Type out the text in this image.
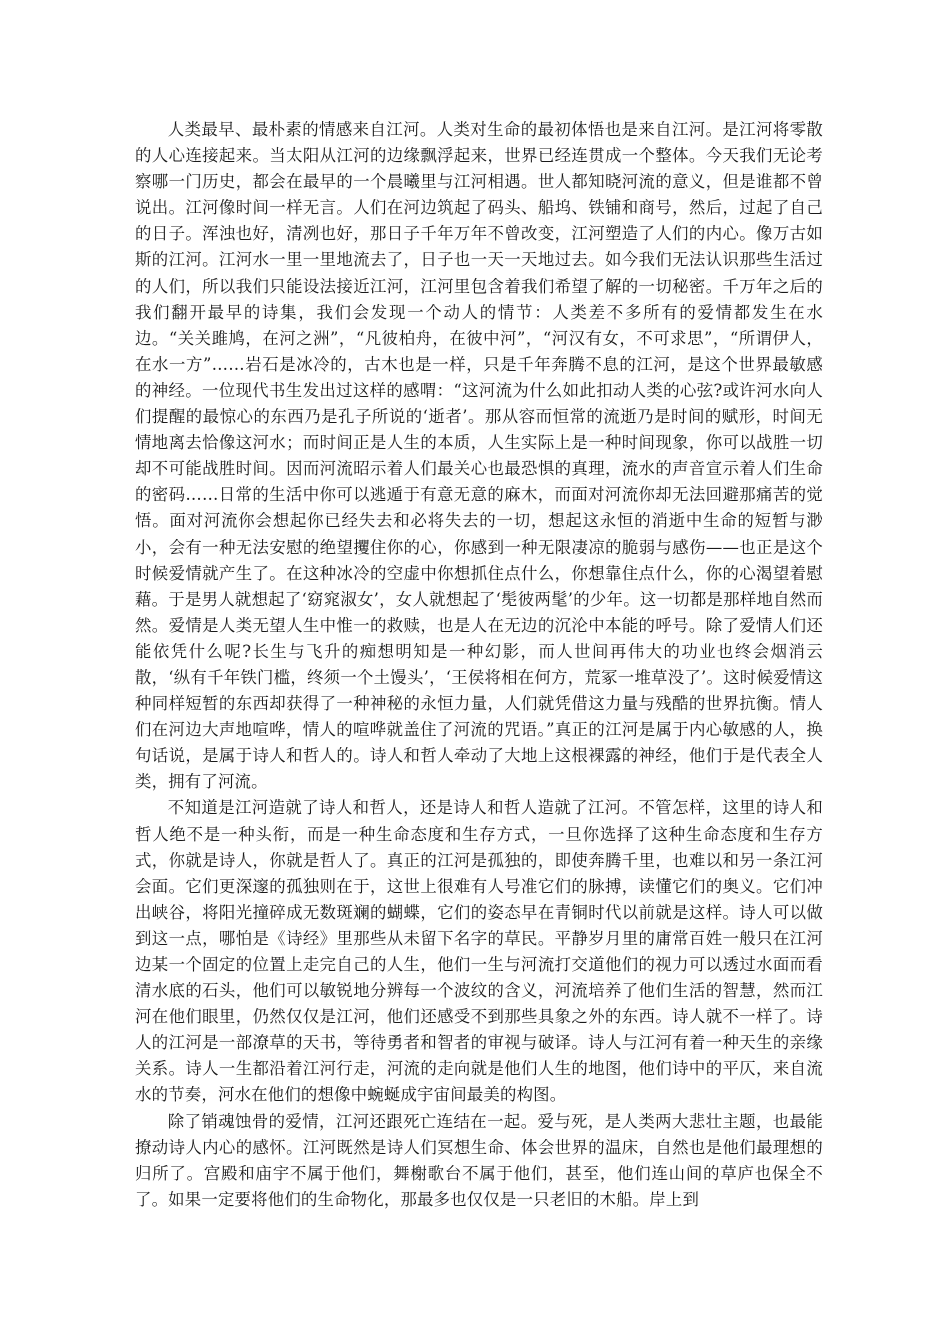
人类最早、最朴素的情感来自江河。人类对生命的最初体悟也是来自江河。是江河将零散的人心连接起来。当太阳从江河的边缘飘浮起来，世界已经连贯成一个整体。今天我们无论考察哪一门历史，都会在最早的一个晨曦里与江河相遇。世人都知晓河流的意义，但是谁都不曾说出。江河像时间一样无言。人们在河边筑起了码头、船坞、铁铺和商号，然后，过起了自己的日子。浑浊也好，清冽也好，那日子千年万年不曾改变，江河塑造了人们的内心。像万古如斯的江河。江河水一里一里地流去了，日子也一天一天地过去。如今我们无法认识那些生活过的人们，所以我们只能设法接近江河，江河里包含着我们希望了解的一切秘密。千万年之后的我们翻开最早的诗集，我们会发现一个动人的情节：人类差不多所有的爱情都发生在水边。“关关雎鸠，在河之洲”，“凡彼柏舟，在彼中河”，“河汉有女，不可求思”，“所谓伊人，在水一方”……岩石是冰冷的，古木也是一样，只是千年奔腾不息的江河，是这个世界最敏感的神经。一位现代书生发出过这样的感喟：“这河流为什么如此扣动人类的心弦?或许河水向人们提醒的最惊心的东西乃是孔子所说的‘逝者’。那从容而恒常的流逝乃是时间的赋形，时间无情地离去恰像这河水；而时间正是人生的本质，人生实际上是一种时间现象，你可以战胜一切却不可能战胜时间。因而河流昭示着人们最关心也最恐惧的真理，流水的声音宣示着人们生命的密码……日常的生活中你可以逃遁于有意无意的麻木，而面对河流你却无法回避那痛苦的觉悟。面对河流你会想起你已经失去和必将失去的一切，想起这永恒的消逝中生命的短暂与渺小，会有一种无法安慰的绝望攫住你的心，你感到一种无限凄凉的脆弱与感伤——也正是这个时候爱情就产生了。在这种冰冷的空虚中你想抓住点什么，你想靠住点什么，你的心渴望着慰藉。于是男人就想起了‘窈窕淑女’，女人就想起了‘髧彼两髦’的少年。这一切都是那样地自然而然。爱情是人类无望人生中惟一的救赎，也是人在无边的沉沦中本能的呼号。除了爱情人们还能依凭什么呢?长生与飞升的痴想明知是一种幻影，而人世间再伟大的功业也终会烟消云散，‘纵有千年铁门槛，终须一个土馒头’，‘王侯将相在何方，荒冢一堆草没了’。这时候爱情这种同样短暂的东西却获得了一种神秘的永恒力量，人们就凭借这力量与残酷的世界抗衡。情人们在河边大声地喧哗，情人的喧哗就盖住了河流的咒语。”真正的江河是属于内心敏感的人，换句话说，是属于诗人和哲人的。诗人和哲人牵动了大地上这根裸露的神经，他们于是代表全人类，拥有了河流。

不知道是江河造就了诗人和哲人，还是诗人和哲人造就了江河。不管怎样，这里的诗人和哲人绝不是一种头衔，而是一种生命态度和生存方式，一旦你选择了这种生命态度和生存方式，你就是诗人，你就是哲人了。真正的江河是孤独的，即使奔腾千里，也难以和另一条江河会面。它们更深邃的孤独则在于，这世上很难有人号准它们的脉搏，读懂它们的奥义。它们冲出峡谷，将阳光撞碎成无数斑斓的蝴蝶，它们的姿态早在青铜时代以前就是这样。诗人可以做到这一点，哪怕是《诗经》里那些从未留下名字的草民。平静岁月里的庸常百姓一般只在江河边某一个固定的位置上走完自己的人生，他们一生与河流打交道他们的视力可以透过水面而看清水底的石头，他们可以敏锐地分辨每一个波纹的含义，河流培养了他们生活的智慧，然而江河在他们眼里，仍然仅仅是江河，他们还感受不到那些具象之外的东西。诗人就不一样了。诗人的江河是一部潦草的天书，等待勇者和智者的审视与破译。诗人与江河有着一种天生的亲缘关系。诗人一生都沿着江河行走，河流的走向就是他们人生的地图，他们诗中的平仄，来自流水的节奏，河水在他们的想像中蜿蜒成宇宙间最美的构图。

除了销魂蚀骨的爱情，江河还跟死亡连结在一起。爱与死，是人类两大悲壮主题，也最能撩动诗人内心的感怀。江河既然是诗人们冥想生命、体会世界的温床，自然也是他们最理想的归所了。宫殿和庙宇不属于他们，舞榭歌台不属于他们，甚至，他们连山间的草庐也保全不了。如果一定要将他们的生命物化，那最多也仅仅是一只老旧的木船。岸上到
